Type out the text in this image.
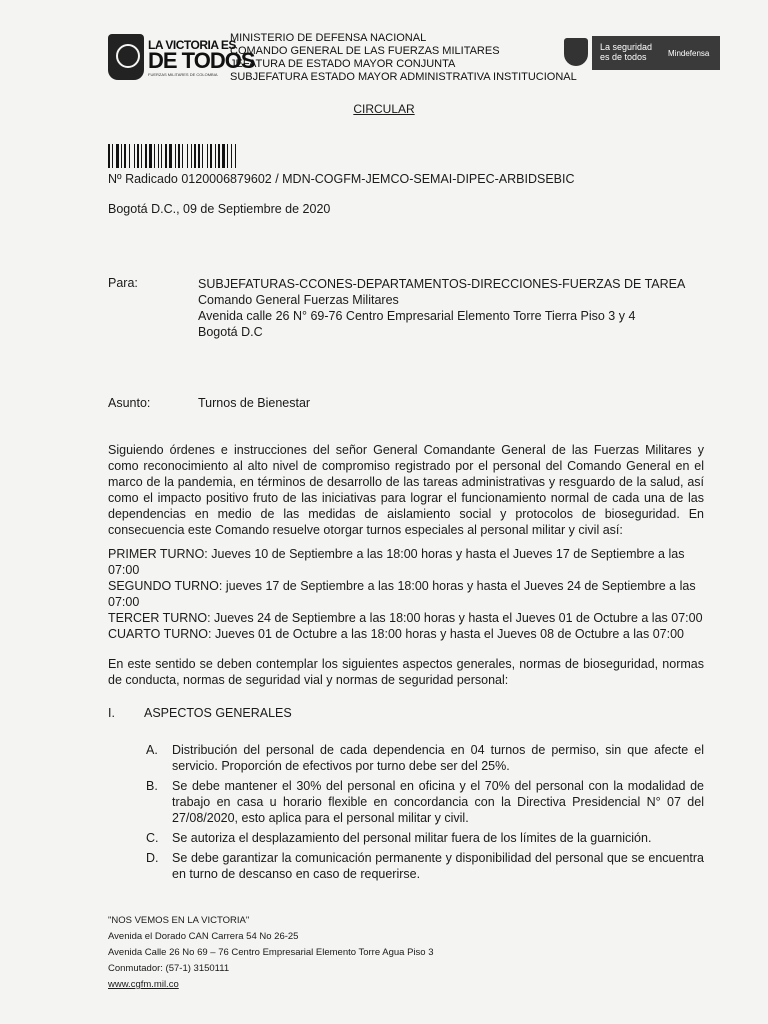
LA VICTORIA ES
DE TODOS
FUERZAS MILITARES DE COLOMBIA
MINISTERIO DE DEFENSA NACIONAL
COMANDO GENERAL DE LAS FUERZAS MILITARES
JEFATURA DE ESTADO MAYOR CONJUNTA
SUBJEFATURA ESTADO MAYOR ADMINISTRATIVA INSTITUCIONAL
La seguridad es de todos	Mindefensa
CIRCULAR
Nº Radicado 0120006879602 / MDN-COGFM-JEMCO-SEMAI-DIPEC-ARBIDSEBIC
Bogotá D.C., 09 de Septiembre de 2020
Para:	SUBJEFATURAS-CCONES-DEPARTAMENTOS-DIRECCIONES-FUERZAS DE TAREA
Comando General Fuerzas Militares
Avenida calle 26 N° 69-76 Centro Empresarial Elemento Torre Tierra Piso 3 y 4
Bogotá D.C
Asunto:	Turnos de Bienestar
Siguiendo órdenes e instrucciones del señor General Comandante General de las Fuerzas Militares y como reconocimiento al alto nivel de compromiso registrado por el personal del Comando General en el marco de la pandemia, en términos de desarrollo de las tareas administrativas y resguardo de la salud, así como el impacto positivo fruto de las iniciativas para lograr el funcionamiento normal de cada una de las dependencias en medio de las medidas de aislamiento social y protocolos de bioseguridad. En consecuencia este Comando resuelve otorgar turnos especiales al personal militar y civil así:
PRIMER TURNO: Jueves 10 de Septiembre a las 18:00 horas y hasta el Jueves 17 de Septiembre a las 07:00
SEGUNDO TURNO: jueves 17 de Septiembre a las 18:00 horas y hasta el Jueves 24 de Septiembre a las 07:00
TERCER TURNO: Jueves 24 de Septiembre a las 18:00 horas y hasta el Jueves 01 de Octubre a las 07:00
CUARTO TURNO: Jueves 01 de Octubre a las 18:00 horas y hasta el Jueves 08 de Octubre a las 07:00
En este sentido se deben contemplar los siguientes aspectos generales, normas de bioseguridad, normas de conducta, normas de seguridad vial y normas de seguridad personal:
I. ASPECTOS GENERALES
A. Distribución del personal de cada dependencia en 04 turnos de permiso, sin que afecte el servicio. Proporción de efectivos por turno debe ser del 25%.
B. Se debe mantener el 30% del personal en oficina y el 70% del personal con la modalidad de trabajo en casa u horario flexible en concordancia con la Directiva Presidencial N° 07 del 27/08/2020, esto aplica para el personal militar y civil.
C. Se autoriza el desplazamiento del personal militar fuera de los límites de la guarnición.
D. Se debe garantizar la comunicación permanente y disponibilidad del personal que se encuentra en turno de descanso en caso de requerirse.
"NOS VEMOS EN LA VICTORIA"
Avenida el Dorado CAN Carrera 54 No 26-25
Avenida Calle 26 No 69 – 76 Centro Empresarial Elemento Torre Agua Piso 3
Conmutador: (57-1) 3150111
www.cgfm.mil.co
